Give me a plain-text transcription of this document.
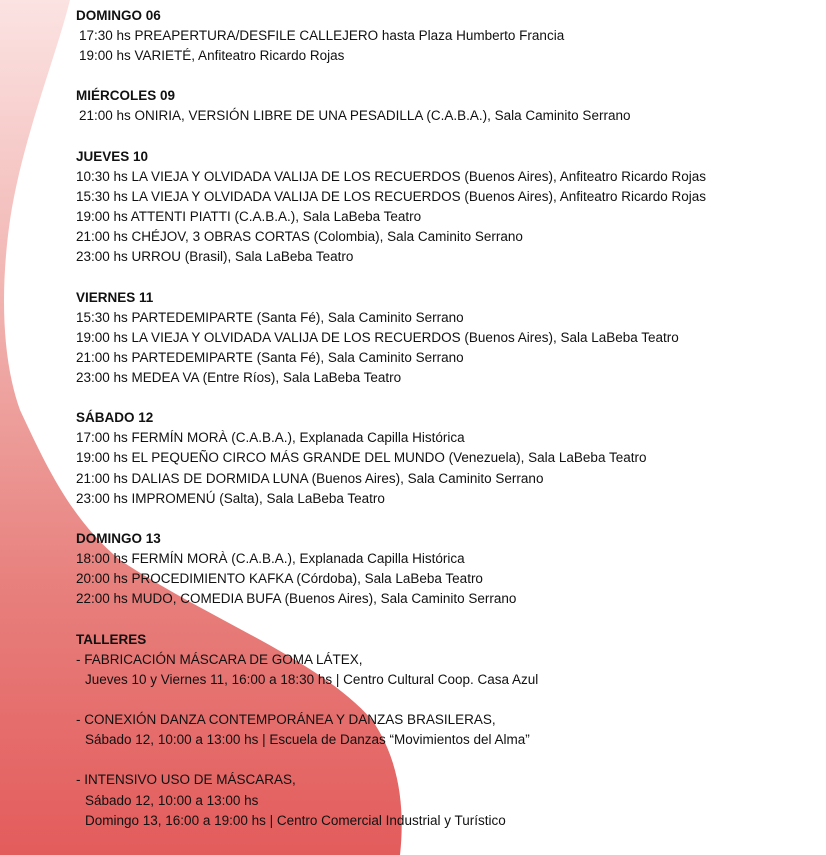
DOMINGO 06
17:30 hs PREAPERTURA/DESFILE CALLEJERO hasta Plaza Humberto Francia
19:00 hs VARIETÉ, Anfiteatro Ricardo Rojas
MIÉRCOLES 09
21:00 hs ONIRIA, VERSIÓN LIBRE DE UNA PESADILLA (C.A.B.A.), Sala Caminito Serrano
JUEVES 10
10:30 hs LA VIEJA Y OLVIDADA VALIJA DE LOS RECUERDOS (Buenos Aires), Anfiteatro Ricardo Rojas
15:30 hs LA VIEJA Y OLVIDADA VALIJA DE LOS RECUERDOS (Buenos Aires), Anfiteatro Ricardo Rojas
19:00 hs ATTENTI PIATTI (C.A.B.A.), Sala LaBeba Teatro
21:00 hs CHÉJOV, 3 OBRAS CORTAS (Colombia), Sala Caminito Serrano
23:00 hs URROU (Brasil), Sala LaBeba Teatro
VIERNES 11
15:30 hs PARTEDEMIPARTE (Santa Fé), Sala Caminito Serrano
19:00 hs LA VIEJA Y OLVIDADA VALIJA DE LOS RECUERDOS (Buenos Aires), Sala LaBeba Teatro
21:00 hs PARTEDEMIPARTE (Santa Fé), Sala Caminito Serrano
23:00 hs MEDEA VA (Entre Ríos), Sala LaBeba Teatro
SÁBADO 12
17:00 hs FERMÍN MORÀ (C.A.B.A.), Explanada Capilla Histórica
19:00 hs EL PEQUEÑO CIRCO MÁS GRANDE DEL MUNDO (Venezuela), Sala LaBeba Teatro
21:00 hs DALIAS DE DORMIDA LUNA (Buenos Aires), Sala Caminito Serrano
23:00 hs IMPROMENÚ (Salta), Sala LaBeba Teatro
DOMINGO 13
18:00 hs FERMÍN MORÀ (C.A.B.A.), Explanada Capilla Histórica
20:00 hs PROCEDIMIENTO KAFKA (Córdoba), Sala LaBeba Teatro
22:00 hs MUDO, COMEDIA BUFA (Buenos Aires), Sala Caminito Serrano
TALLERES
- FABRICACIÓN MÁSCARA DE GOMA LÁTEX,
Jueves 10 y Viernes 11, 16:00 a 18:30 hs | Centro Cultural Coop. Casa Azul
- CONEXIÓN DANZA CONTEMPORÁNEA Y DANZAS BRASILERAS,
Sábado 12, 10:00 a 13:00 hs | Escuela de Danzas “Movimientos del Alma”
- INTENSIVO USO DE MÁSCARAS,
Sábado 12, 10:00 a 13:00 hs
Domingo 13, 16:00 a 19:00 hs | Centro Comercial Industrial y Turístico
